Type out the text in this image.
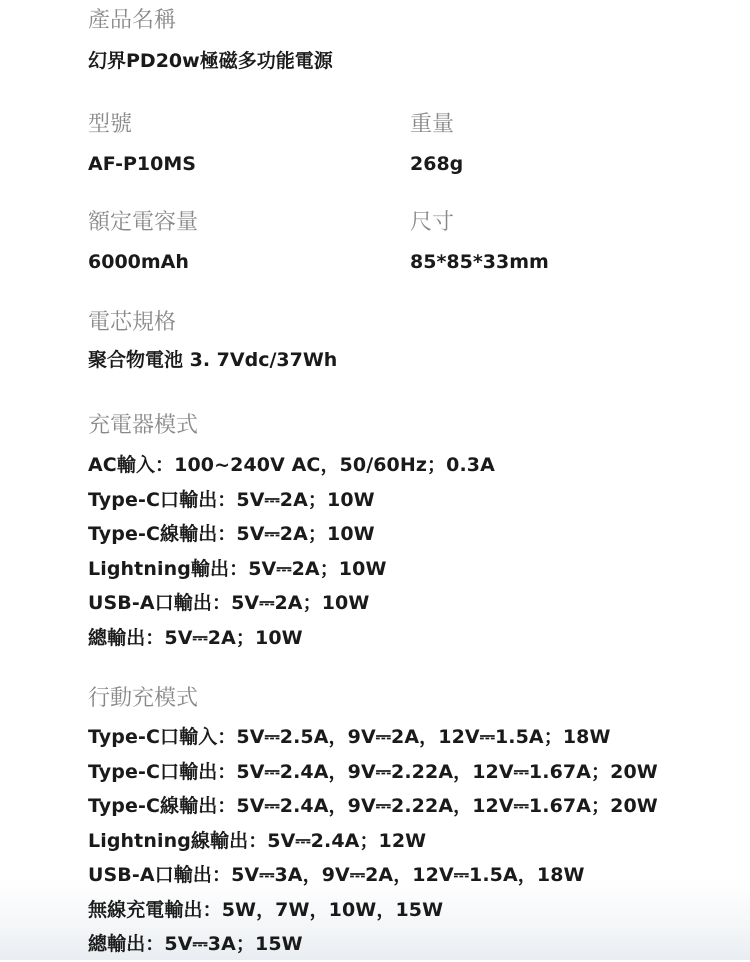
產品名稱
幻界PD20w極磁多功能電源
型號
AF-P10MS
重量
268g
額定電容量
6000mAh
尺寸
85*85*33mm
電芯規格
聚合物電池 3. 7Vdc/37Wh
充電器模式
AC輸入：100~240V AC，50/60Hz；0.3A
Type-C口輸出：5V⎓2A；10W
Type-C線輸出：5V⎓2A；10W
Lightning輸出：5V⎓2A；10W
USB-A口輸出：5V⎓2A；10W
總輸出：5V⎓2A；10W
行動充模式
Type-C口輸入：5V⎓2.5A，9V⎓2A，12V⎓1.5A；18W
Type-C口輸出：5V⎓2.4A，9V⎓2.22A，12V⎓1.67A；20W
Type-C線輸出：5V⎓2.4A，9V⎓2.22A，12V⎓1.67A；20W
Lightning線輸出：5V⎓2.4A；12W
USB-A口輸出：5V⎓3A，9V⎓2A，12V⎓1.5A，18W
無線充電輸出：5W，7W，10W，15W
總輸出：5V⎓3A；15W
